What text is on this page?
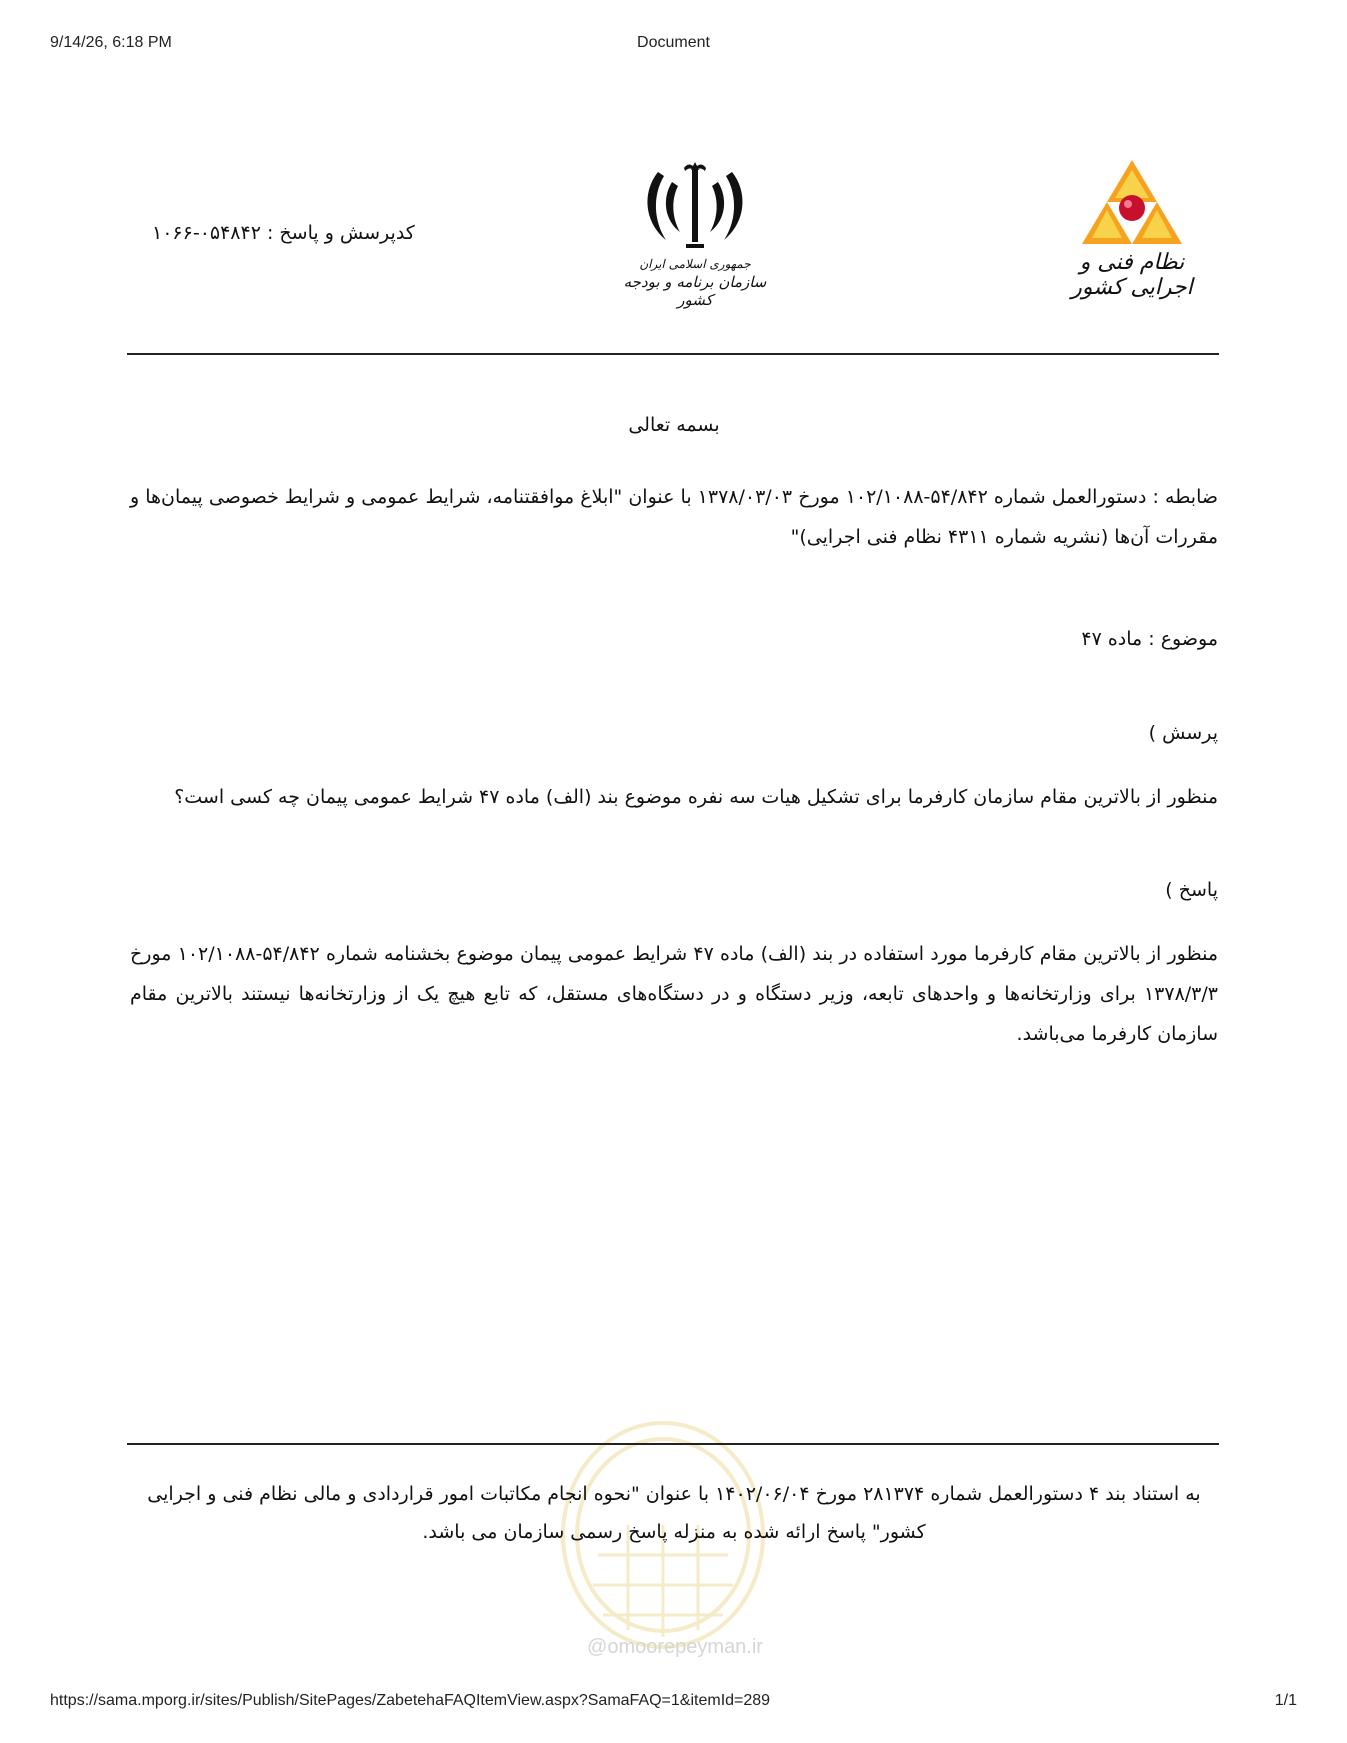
9/14/26, 6:18 PM	Document
کدپرسش و پاسخ : ۰۵۴۸۴۲-۱۰۶۶
جمهوری اسلامی ایران
سازمان برنامه و بودجه کشور
نظام فنی و اجرایی کشور
بسمه تعالی
ضابطه : دستورالعمل شماره ۵۴/۸۴۲-۱۰۲/۱۰۸۸ مورخ ۱۳۷۸/۰۳/۰۳ با عنوان "ابلاغ موافقتنامه، شرایط عمومی و شرایط خصوصی پیمان‌ها و مقررات آن‌ها (نشریه شماره ۴۳۱۱ نظام فنی اجرایی)"
موضوع : ماده ۴۷
پرسش )
منظور از بالاترین مقام سازمان کارفرما برای تشکیل هیات سه نفره موضوع بند (الف) ماده ۴۷ شرایط عمومی پیمان چه کسی است؟
پاسخ )
منظور از بالاترین مقام کارفرما مورد استفاده در بند (الف) ماده ۴۷ شرایط عمومی پیمان موضوع بخشنامه شماره ۵۴/۸۴۲-۱۰۲/۱۰۸۸ مورخ ۱۳۷۸/۳/۳ برای وزارتخانه‌ها و واحدهای تابعه، وزیر دستگاه و در دستگاه‌های مستقل، که تابع هیچ یک از وزارتخانه‌ها نیستند بالاترین مقام سازمان کارفرما می‌باشد.
به استناد بند ۴ دستورالعمل شماره ۲۸۱۳۷۴ مورخ ۱۴۰۲/۰۶/۰۴ با عنوان "نحوه انجام مکاتبات امور قراردادی و مالی نظام فنی و اجرایی کشور" پاسخ ارائه شده به منزله پاسخ رسمی سازمان می باشد.
@omoorepeyman.ir
https://sama.mporg.ir/sites/Publish/SitePages/ZabetehaFAQItemView.aspx?SamaFAQ=1&itemId=289	1/1
